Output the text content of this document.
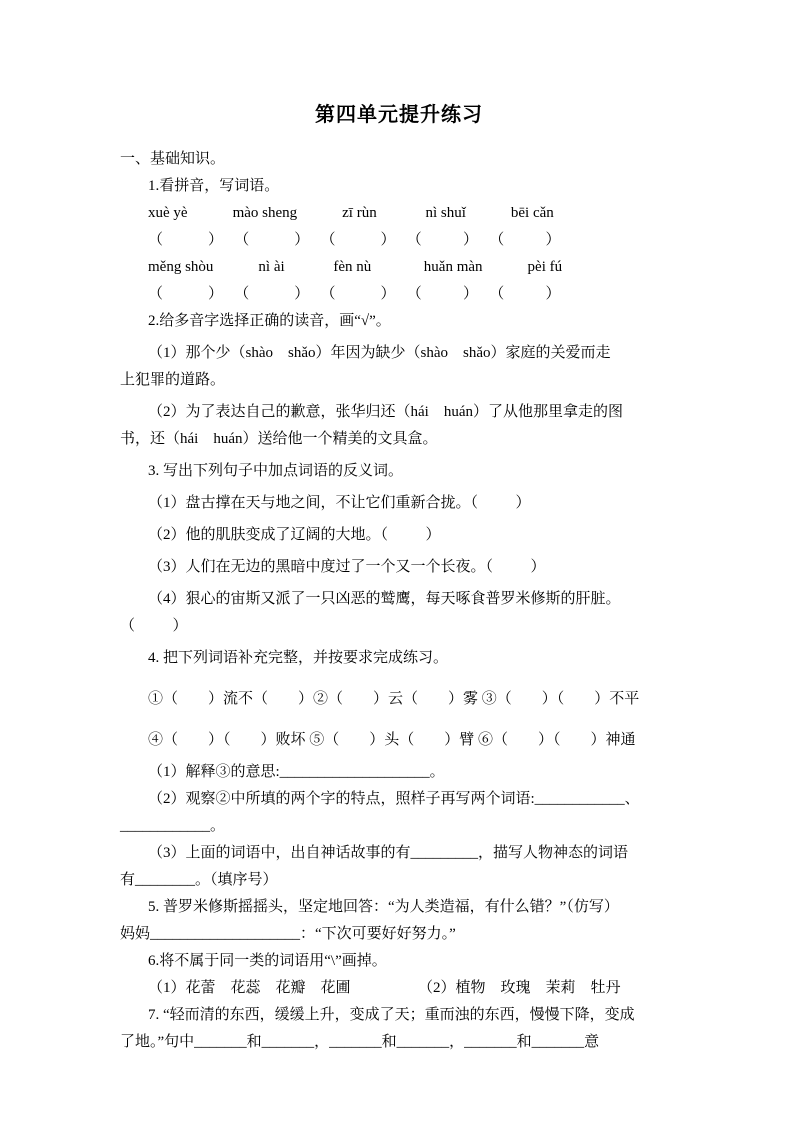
第四单元提升练习
一、基础知识。
1.看拼音，写词语。
xuè yè            mào sheng            zī rùn             nì shuǐ            bēi cǎn
（            ）   （            ）   （            ）   （           ）   （           ）
měng shòu            nì ài             fèn nù              huǎn màn            pèi fú
（            ）   （            ）   （            ）   （           ）   （           ）
2.给多音字选择正确的读音，画“√”。
（1）那个少（shào　shǎo）年因为缺少（shào　shǎo）家庭的关爱而走
上犯罪的道路。
（2）为了表达自己的歉意，张华归还（hái　huán）了从他那里拿走的图
书，还（hái　huán）送给他一个精美的文具盒。
3. 写出下列句子中加点词语的反义词。
（1）盘古撑在天与地之间，不让它们重新合拢。（          ）
（2）他的肌肤变成了辽阔的大地。（          ）
（3）人们在无边的黑暗中度过了一个又一个长夜。（          ）
（4）狠心的宙斯又派了一只凶恶的鹫鹰，每天啄食普罗米修斯的肝脏。
（          ）
4. 把下列词语补充完整，并按要求完成练习。
①（　　）流不（　　）②（　　）云（　　）雾 ③（　　）（　　）不平
④（　　）（　　）败坏 ⑤（　　）头（　　）臂 ⑥（　　）（　　）神通
（1）解释③的意思:____________________。
（2）观察②中所填的两个字的特点，照样子再写两个词语:____________、
____________。
（3）上面的词语中，出自神话故事的有_________，描写人物神态的词语
有________。（填序号）
5. 普罗米修斯摇摇头，坚定地回答：“为人类造福，有什么错？”（仿写）
妈妈____________________：“下次可要好好努力。”
6.将不属于同一类的词语用“\”画掉。
（1）花蕾　花蕊　花瓣　花圃　　　　　（2）植物　玫瑰　茉莉　牡丹
7. “轻而清的东西，缓缓上升，变成了天；重而浊的东西，慢慢下降，变成
了地。”句中_______和_______，_______和_______，_______和_______意
